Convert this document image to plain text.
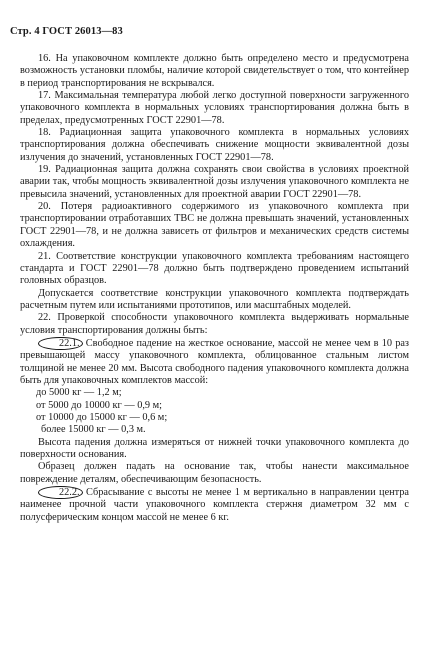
Стр. 4 ГОСТ 26013—83

16. На упаковочном комплекте должно быть определено место и предусмотрена возможность установки пломбы, наличие которой свидетельствует о том, что контейнер в период транспортирования не вскрывался.

17. Максимальная температура любой легко доступной поверхности загруженного упаковочного комплекта в нормальных условиях транспортирования должна быть в пределах, предусмотренных ГОСТ 22901—78.

18. Радиационная защита упаковочного комплекта в нормальных условиях транспортирования должна обеспечивать снижение мощности эквивалентной дозы излучения до значений, установленных ГОСТ 22901—78.

19. Радиационная защита должна сохранять свои свойства в условиях проектной аварии так, чтобы мощность эквивалентной дозы излучения упаковочного комплекта не превысила значений, установленных для проектной аварии ГОСТ 22901—78.

20. Потеря радиоактивного содержимого из упаковочного комплекта при транспортировании отработавших ТВС не должна превышать значений, установленных ГОСТ 22901—78, и не должна зависеть от фильтров и механических средств системы охлаждения.

21. Соответствие конструкции упаковочного комплекта требованиям настоящего стандарта и ГОСТ 22901—78 должно быть подтверждено проведением испытаний головных образцов.

Допускается соответствие конструкции упаковочного комплекта подтверждать расчетным путем или испытаниями прототипов, или масштабных моделей.

22. Проверкой способности упаковочного комплекта выдерживать нормальные условия транспортирования должны быть:

22.1. Свободное падение на жесткое основание, массой не менее чем в 10 раз превышающей массу упаковочного комплекта, облицованное стальным листом толщиной не менее 20 мм. Высота свободного падения упаковочного комплекта должна быть для упаковочных комплектов массой:

до 5000 кг — 1,2 м;
от 5000 до 10000 кг — 0,9 м;
от 10000 до 15000 кг — 0,6 м;
более 15000 кг — 0,3 м.

Высота падения должна измеряться от нижней точки упаковочного комплекта до поверхности основания.

Образец должен падать на основание так, чтобы нанести максимальное повреждение деталям, обеспечивающим безопасность.

22.2. Сбрасывание с высоты не менее 1 м вертикально в направлении центра наименее прочной части упаковочного комплекта стержня диаметром 32 мм с полусферическим концом массой не менее 6 кг.
